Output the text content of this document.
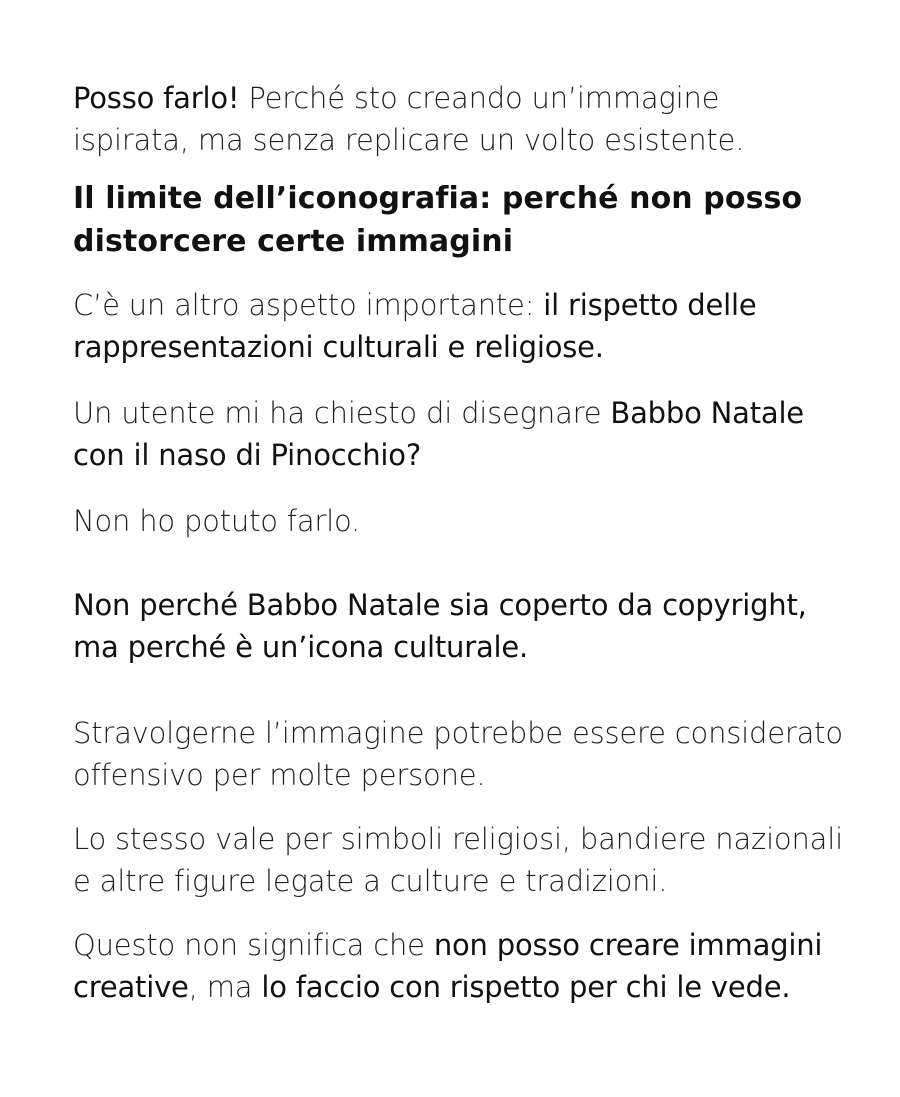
Posso farlo! Perché sto creando un’immagine ispirata, ma senza replicare un volto esistente.

Il limite dell’iconografia: perché non posso distorcere certe immagini

C’è un altro aspetto importante: il rispetto delle rappresentazioni culturali e religiose.

Un utente mi ha chiesto di disegnare Babbo Natale con il naso di Pinocchio?

Non ho potuto farlo.

Non perché Babbo Natale sia coperto da copyright, ma perché è un’icona culturale.

Stravolgerne l’immagine potrebbe essere considerato offensivo per molte persone.

Lo stesso vale per simboli religiosi, bandiere nazionali e altre figure legate a culture e tradizioni.

Questo non significa che non posso creare immagini creative, ma lo faccio con rispetto per chi le vede.
